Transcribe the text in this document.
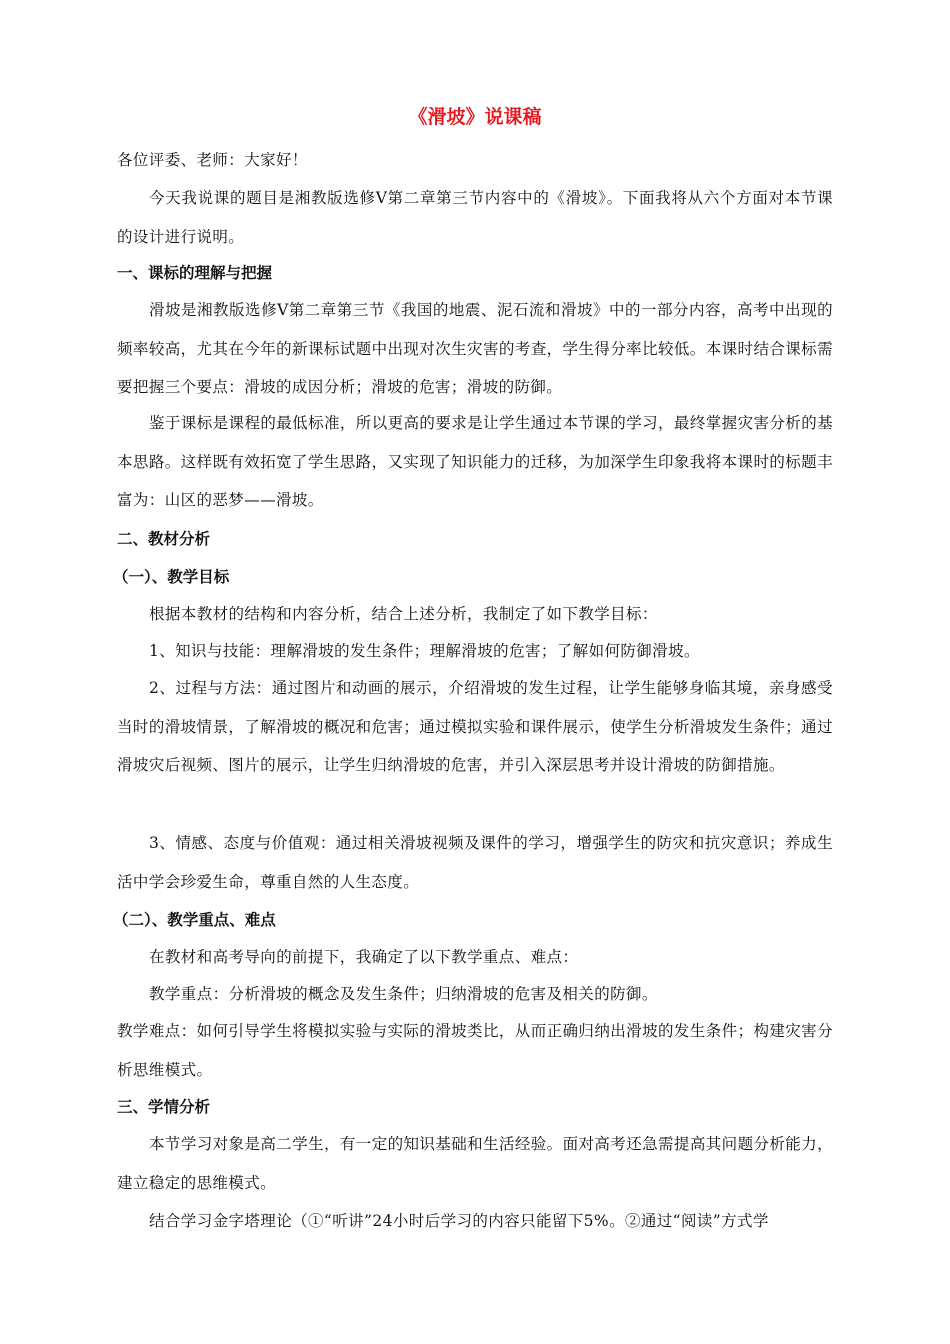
《滑坡》说课稿

各位评委、老师：大家好！

今天我说课的题目是湘教版选修Ⅴ第二章第三节内容中的《滑坡》。下面我将从六个方面对本节课的设计进行说明。

一、课标的理解与把握

滑坡是湘教版选修Ⅴ第二章第三节《我国的地震、泥石流和滑坡》中的一部分内容，高考中出现的频率较高，尤其在今年的新课标试题中出现对次生灾害的考查，学生得分率比较低。本课时结合课标需要把握三个要点：滑坡的成因分析；滑坡的危害；滑坡的防御。

鉴于课标是课程的最低标准，所以更高的要求是让学生通过本节课的学习，最终掌握灾害分析的基本思路。这样既有效拓宽了学生思路，又实现了知识能力的迁移，为加深学生印象我将本课时的标题丰富为：山区的恶梦——滑坡。

二、教材分析
（一）、教学目标

根据本教材的结构和内容分析，结合上述分析，我制定了如下教学目标：

1、知识与技能：理解滑坡的发生条件；理解滑坡的危害；了解如何防御滑坡。

2、过程与方法：通过图片和动画的展示，介绍滑坡的发生过程，让学生能够身临其境，亲身感受当时的滑坡情景，了解滑坡的概况和危害；通过模拟实验和课件展示，使学生分析滑坡发生条件；通过滑坡灾后视频、图片的展示，让学生归纳滑坡的危害，并引入深层思考并设计滑坡的防御措施。

3、情感、态度与价值观：通过相关滑坡视频及课件的学习，增强学生的防灾和抗灾意识；养成生活中学会珍爱生命，尊重自然的人生态度。

（二）、教学重点、难点

在教材和高考导向的前提下，我确定了以下教学重点、难点：

教学重点：分析滑坡的概念及发生条件；归纳滑坡的危害及相关的防御。

教学难点：如何引导学生将模拟实验与实际的滑坡类比，从而正确归纳出滑坡的发生条件；构建灾害分析思维模式。

三、学情分析

本节学习对象是高二学生，有一定的知识基础和生活经验。面对高考还急需提高其问题分析能力，建立稳定的思维模式。

结合学习金字塔理论（①“听讲”24小时后学习的内容只能留下5%。②通过“阅读”方式学
